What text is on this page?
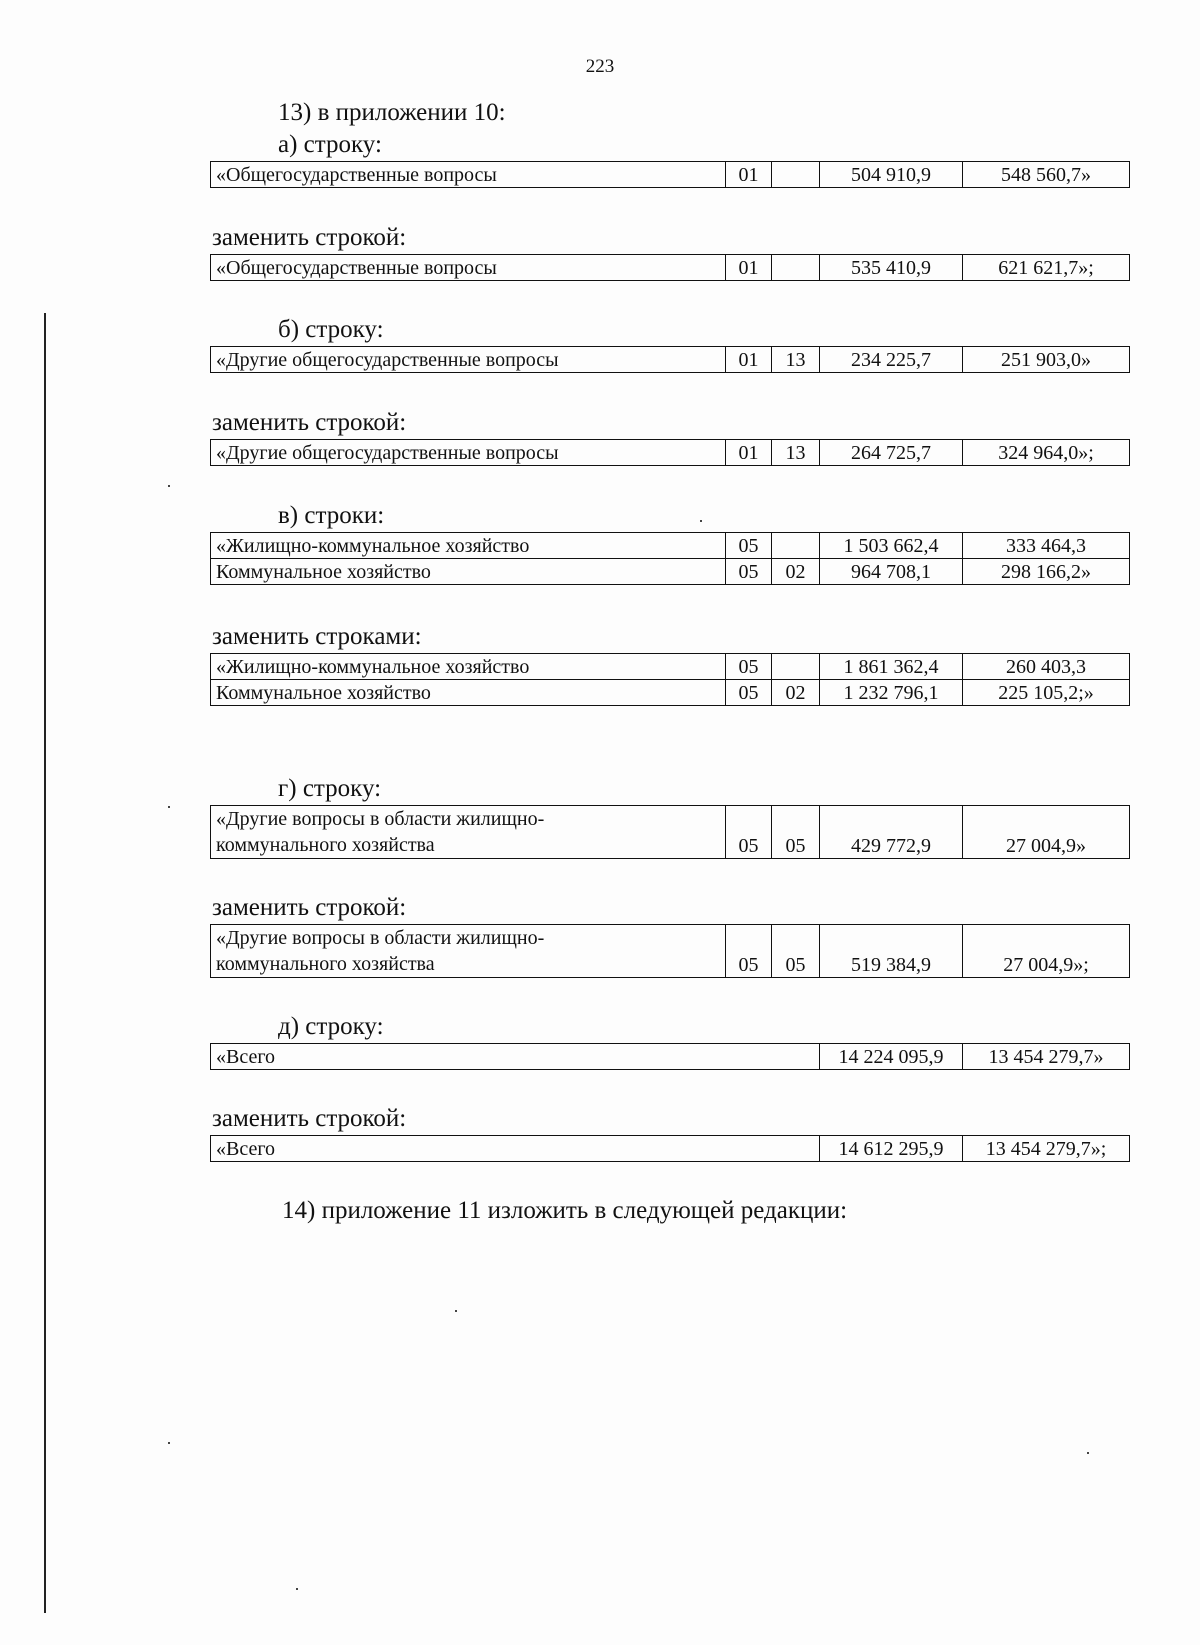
223
13) в приложении 10:
а) строку:
«Общегосударственные вопросы	01		504 910,9	548 560,7»
заменить строкой:
«Общегосударственные вопросы	01		535 410,9	621 621,7»;
б) строку:
«Другие общегосударственные вопросы	01	13	234 225,7	251 903,0»
заменить строкой:
«Другие общегосударственные вопросы	01	13	264 725,7	324 964,0»;
в) строки:
«Жилищно-коммунальное хозяйство	05		1 503 662,4	333 464,3
Коммунальное хозяйство	05	02	964 708,1	298 166,2»
заменить строками:
«Жилищно-коммунальное хозяйство	05		1 861 362,4	260 403,3
Коммунальное хозяйство	05	02	1 232 796,1	225 105,2;»
г) строку:
«Другие вопросы в области жилищно-
коммунального хозяйства	05	05	429 772,9	27 004,9»
заменить строкой:
«Другие вопросы в области жилищно-
коммунального хозяйства	05	05	519 384,9	27 004,9»;
д) строку:
«Всего	14 224 095,9	13 454 279,7»
заменить строкой:
«Всего	14 612 295,9	13 454 279,7»;
14) приложение 11 изложить в следующей редакции:
